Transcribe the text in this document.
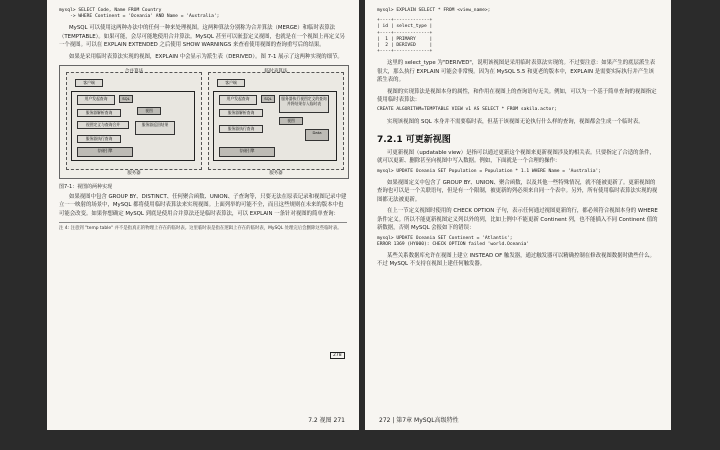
mysql> SELECT Code, Name FROM Country
-> WHERE Continent = 'Oceania' AND Name = 'Australia';

MySQL 可以使用这两种办法中的任何一种来处理视图。这两种算法分别称为合并算法（MERGE）和临时表算法（TEMPTABLE）。如果可能，会尽可能地使用合并算法。MySQL 甚至可以嵌套定义视图，也就是在一个视图上再定义另一个视图。可以在 EXPLAIN EXTENDED 之后使用 SHOW WARNINGS 来查看使用视图的查询重写后的结果。

如果是采用临时表算法实现的视图，EXPLAIN 中会显示为派生表（DERIVED）。图 7-1 展示了这两种实现的细节。

合并算法
客户端
用户发起查询	SQL
服务器解析查询
视图定义与查询合并
视图
服务器返回结果
服务器执行查询
存储引擎
服务器
临时表算法
客户端
用户发起查询	SQL
服务器解析查询
服务器执行视图定义的查询并将结果存入临时表
视图
服务器执行查询
Data
存储引擎
服务器
图7-1：视图的两种实现

如果视图中包含 GROUP BY、DISTINCT、任何聚合函数、UNION、子查询等，只要无法在原表记录和视图记录中建立一一映射的场景中，MySQL 都将使用临时表算法来实现视图。上面列举的可能不全，而且这些规则在未来的版本中也可能会改变。如果你想确定 MySQL 到底是使用合并算法还是临时表算法，可以 EXPLAIN 一条针对视图的简单查询：

注 4: 注意到 "temp table" 并不是指真正的物理上存在的临时表。这里临时表是指在逻辑上存在的临时表，MySQL 处理完后会删除这些临时表。
7.2 视图 271
278
mysql> EXPLAIN SELECT * FROM <view_name>;
+----+-------------+
| id | select_type |
+----+-------------+
|  1 | PRIMARY     |
|  2 | DERIVED     |
+----+-------------+

这里的 select_type 为"DERIVED"，说明该视图是采用临时表算法实现的。不过要注意：如果产生的底层派生表很大，那么执行 EXPLAIN 可能会非常慢。因为在 MySQL 5.5 和更老的版本中，EXPLAIN 是需要实际执行并产生该派生表的。

视图的实现算法是视图本身的属性，和作用在视图上的查询语句无关。例如，可以为一个基于简单查询的视图指定使用临时表算法：

CREATE ALGORITHM=TEMPTABLE VIEW v1 AS SELECT * FROM sakila.actor;

实现该视图的 SQL 本身并不需要临时表，但基于该视图无论执行什么样的查询，视图都会生成一个临时表。

7.2.1 可更新视图

可更新视图（updatable view）是指可以通过更新这个视图来更新视图涉及的相关表。只要指定了合适的条件，就可以更新、删除甚至向视图中写入数据。例如，下面就是一个合理的操作：

mysql> UPDATE Oceania SET Population = Population * 1.1 WHERE Name = 'Australia';

如果视图定义中包含了 GROUP BY、UNION、聚合函数，以及其他一些特殊情况，就不能被更新了。更新视图的查询也可以是一个关联语句，但是有一个限制，被更新的列必须来自同一个表中。另外，所有使用临时表算法实现的视图都无法被更新。

在上一节定义视图时使用的 CHECK OPTION 子句，表示任何通过视图更新的行，都必须符合视图本身的 WHERE 条件定义。所以不能更新视图定义列以外的列，比如上例中不能更新 Continent 列，也不能插入不同 Continent 值的新数据，否则 MySQL 会报如下的错误：

mysql> UPDATE Oceania SET Continent = 'Atlantis';
ERROR 1369 (HY000): CHECK OPTION failed 'world.Oceania'

某些关系数据库允许在视图上建立 INSTEAD OF 触发器，通过触发器可以精确控制在修改视图数据时做些什么。不过 MySQL 不支持在视图上建任何触发器。

272 | 第7章 MySQL高级特性
